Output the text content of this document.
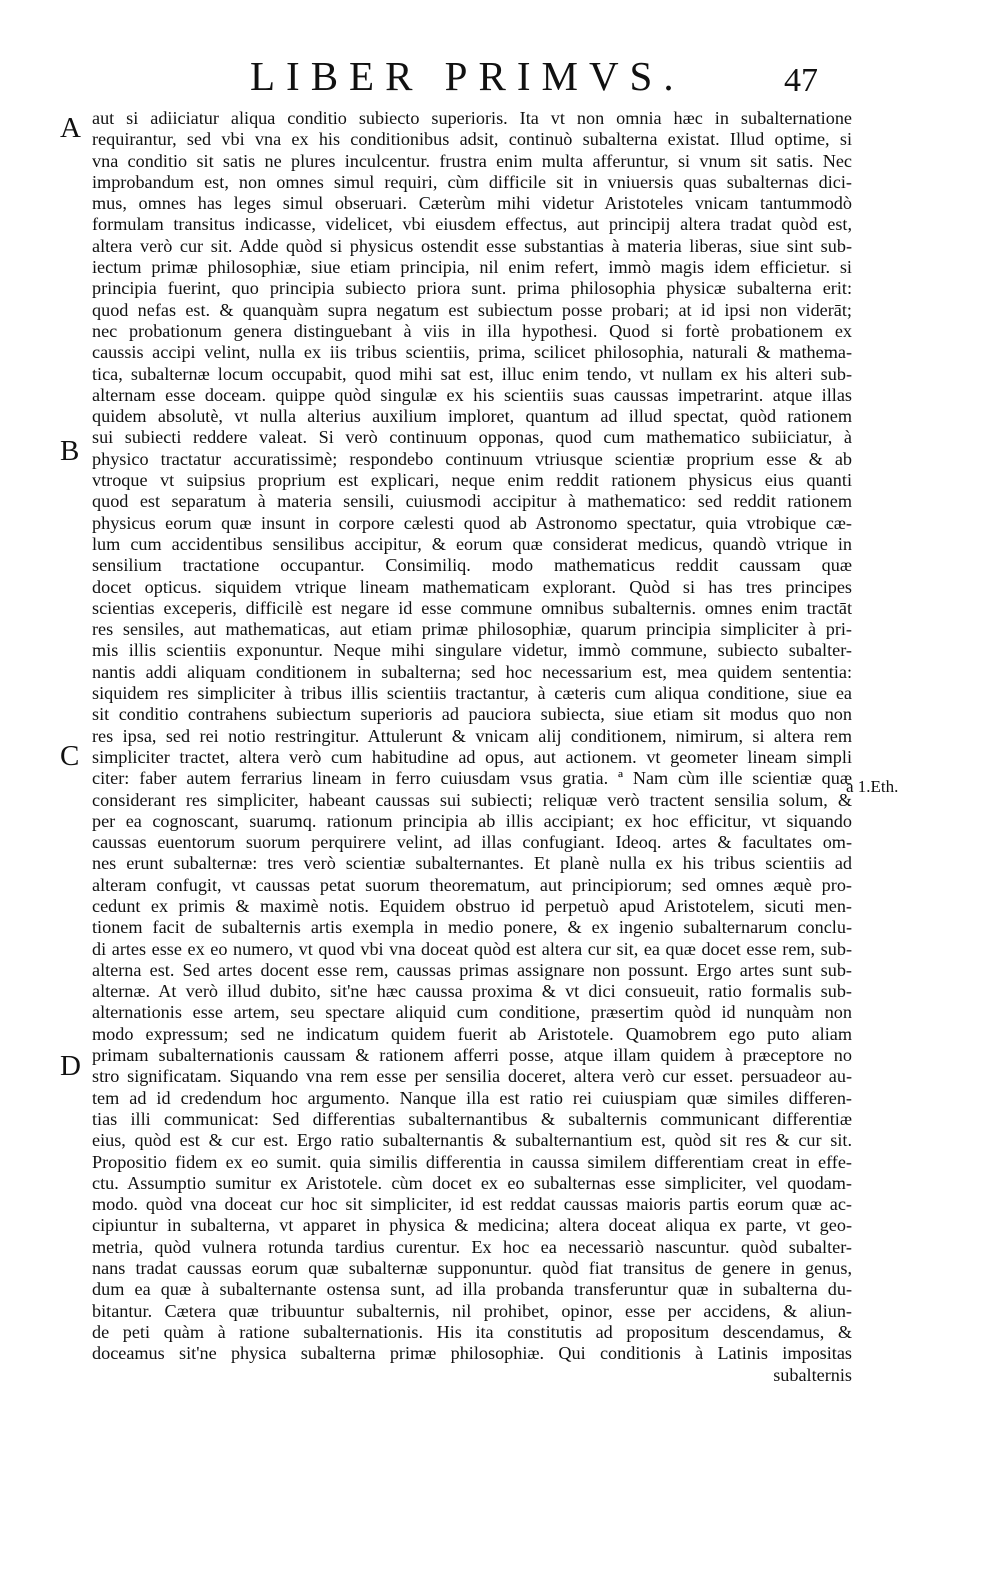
LIBER PRIMVS.	47
A
B
C
D
a 1.Eth.
aut si adiiciatur aliqua conditio subiecto superioris. Ita vt non omnia hæc in subalternatione
requirantur, sed vbi vna ex his conditionibus adsit, continuò subalterna existat. Illud optime, si
vna conditio sit satis ne plures inculcentur. frustra enim multa afferuntur, si vnum sit satis. Nec
improbandum est, non omnes simul requiri, cùm difficile sit in vniuersis quas subalternas dici-
mus, omnes has leges simul obseruari. Cæterùm mihi videtur Aristoteles vnicam tantummodò
formulam transitus indicasse, videlicet, vbi eiusdem effectus, aut principij altera tradat quòd est,
altera verò cur sit. Adde quòd si physicus ostendit esse substantias à materia liberas, siue sint sub-
iectum primæ philosophiæ, siue etiam principia, nil enim refert, immò magis idem efficietur. si
principia fuerint, quo principia subiecto priora sunt. prima philosophia physicæ subalterna erit:
quod nefas est. & quanquàm supra negatum est subiectum posse probari; at id ipsi non viderāt;
nec probationum genera distinguebant à viis in illa hypothesi. Quod si fortè probationem ex
caussis accipi velint, nulla ex iis tribus scientiis, prima, scilicet philosophia, naturali & mathema-
tica, subalternæ locum occupabit, quod mihi sat est, illuc enim tendo, vt nullam ex his alteri sub-
alternam esse doceam. quippe quòd singulæ ex his scientiis suas caussas impetrarint. atque illas
quidem absolutè, vt nulla alterius auxilium imploret, quantum ad illud spectat, quòd rationem
sui subiecti reddere valeat. Si verò continuum opponas, quod cum mathematico subiiciatur, à
physico tractatur accuratissimè; respondebo continuum vtriusque scientiæ proprium esse & ab
vtroque vt suipsius proprium est explicari, neque enim reddit rationem physicus eius quanti
quod est separatum à materia sensili, cuiusmodi accipitur à mathematico: sed reddit rationem
physicus eorum quæ insunt in corpore cælesti quod ab Astronomo spectatur, quia vtrobique cæ-
lum cum accidentibus sensilibus accipitur, & eorum quæ considerat medicus, quandò vtrique in
sensilium tractatione occupantur. Consimiliq. modo mathematicus reddit caussam quæ
docet opticus. siquidem vtrique lineam mathematicam explorant. Quòd si has tres principes
scientias exceperis, difficilè est negare id esse commune omnibus subalternis. omnes enim tractāt
res sensiles, aut mathematicas, aut etiam primæ philosophiæ, quarum principia simpliciter à pri-
mis illis scientiis exponuntur. Neque mihi singulare videtur, immò commune, subiecto subalter-
nantis addi aliquam conditionem in subalterna; sed hoc necessarium est, mea quidem sententia:
siquidem res simpliciter à tribus illis scientiis tractantur, à cæteris cum aliqua conditione, siue ea
sit conditio contrahens subiectum superioris ad pauciora subiecta, siue etiam sit modus quo non
res ipsa, sed rei notio restringitur. Attulerunt & vnicam alij conditionem, nimirum, si altera rem
simpliciter tractet, altera verò cum habitudine ad opus, aut actionem. vt geometer lineam simpli
citer: faber autem ferrarius lineam in ferro cuiusdam vsus gratia. ª Nam cùm ille scientiæ quæ
considerant res simpliciter, habeant caussas sui subiecti; reliquæ verò tractent sensilia solum, &
per ea cognoscant, suarumq. rationum principia ab illis accipiant; ex hoc efficitur, vt siquando
caussas euentorum suorum perquirere velint, ad illas confugiant. Ideoq. artes & facultates om-
nes erunt subalternæ: tres verò scientiæ subalternantes. Et planè nulla ex his tribus scientiis ad
alteram confugit, vt caussas petat suorum theorematum, aut principiorum; sed omnes æquè pro-
cedunt ex primis & maximè notis. Equidem obstruo id perpetuò apud Aristotelem, sicuti men-
tionem facit de subalternis artis exempla in medio ponere, & ex ingenio subalternarum conclu-
di artes esse ex eo numero, vt quod vbi vna doceat quòd est altera cur sit, ea quæ docet esse rem, sub-
alterna est. Sed artes docent esse rem, caussas primas assignare non possunt. Ergo artes sunt sub-
alternæ. At verò illud dubito, sit'ne hæc caussa proxima & vt dici consueuit, ratio formalis sub-
alternationis esse artem, seu spectare aliquid cum conditione, præsertim quòd id nunquàm non
modo expressum; sed ne indicatum quidem fuerit ab Aristotele. Quamobrem ego puto aliam
primam subalternationis caussam & rationem afferri posse, atque illam quidem à præceptore no
stro significatam. Siquando vna rem esse per sensilia doceret, altera verò cur esset. persuadeor au-
tem ad id credendum hoc argumento. Nanque illa est ratio rei cuiuspiam quæ similes differen-
tias illi communicat: Sed differentias subalternantibus & subalternis communicant differentiæ
eius, quòd est & cur est. Ergo ratio subalternantis & subalternantium est, quòd sit res & cur sit.
Propositio fidem ex eo sumit. quia similis differentia in caussa similem differentiam creat in effe-
ctu. Assumptio sumitur ex Aristotele. cùm docet ex eo subalternas esse simpliciter, vel quodam-
modo. quòd vna doceat cur hoc sit simpliciter, id est reddat caussas maioris partis eorum quæ ac-
cipiuntur in subalterna, vt apparet in physica & medicina; altera doceat aliqua ex parte, vt geo-
metria, quòd vulnera rotunda tardius curentur. Ex hoc ea necessariò nascuntur. quòd subalter-
nans tradat caussas eorum quæ subalternæ supponuntur. quòd fiat transitus de genere in genus,
dum ea quæ à subalternante ostensa sunt, ad illa probanda transferuntur quæ in subalterna du-
bitantur. Cætera quæ tribuuntur subalternis, nil prohibet, opinor, esse per accidens, & aliun-
de peti quàm à ratione subalternationis. His ita constitutis ad propositum descendamus, &
doceamus sit'ne physica subalterna primæ philosophiæ. Qui conditionis à Latinis impositas
subalternis
